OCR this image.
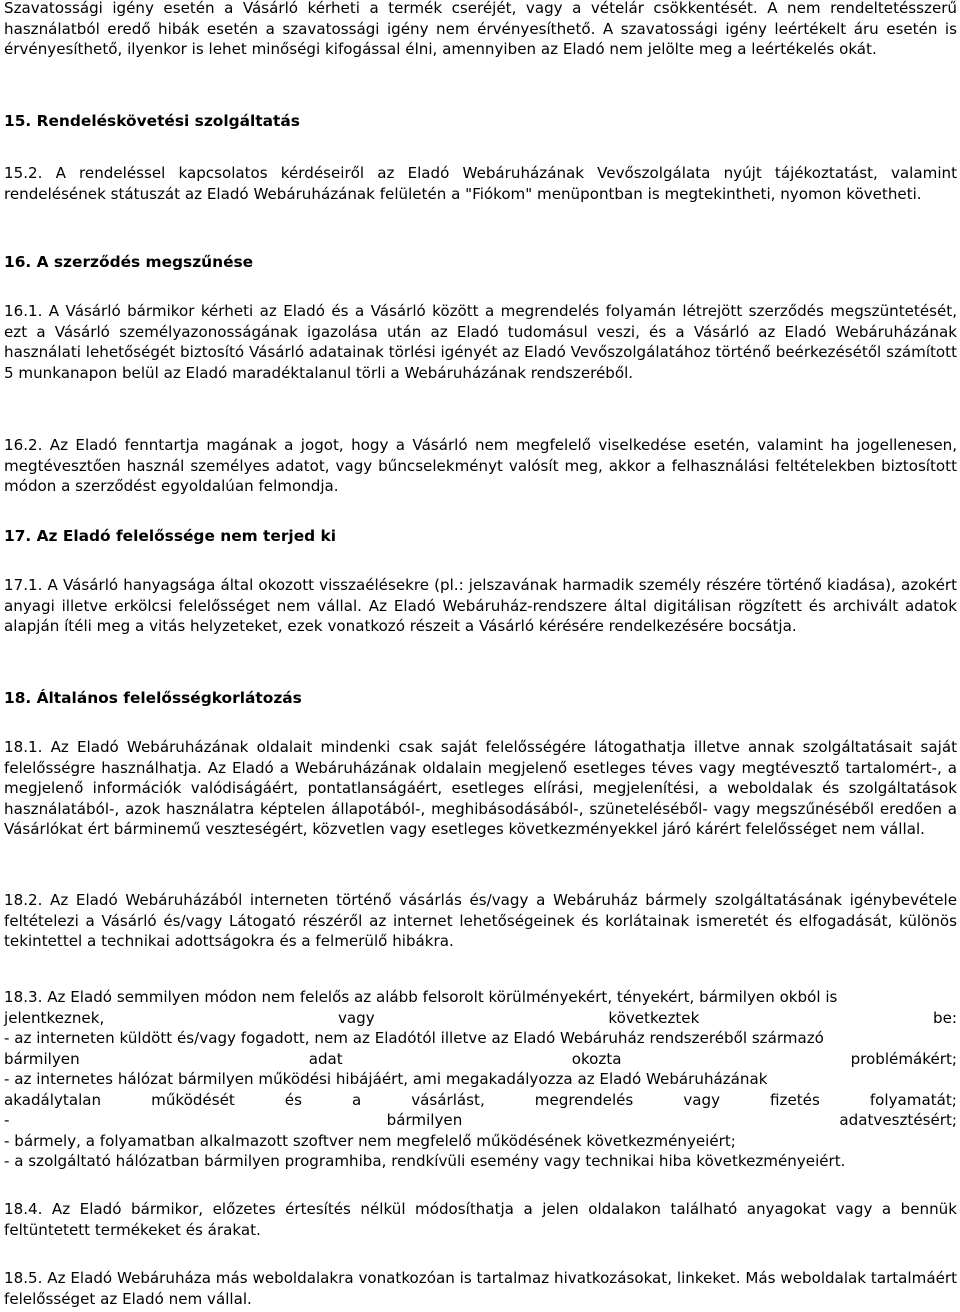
Szavatossági igény esetén a Vásárló kérheti a termék cseréjét, vagy a vételár csökkentését. A nem rendeltetésszerű használatból eredő hibák esetén a szavatossági igény nem érvényesíthető. A szavatossági igény leértékelt áru esetén is érvényesíthető, ilyenkor is lehet minőségi kifogással élni, amennyiben az Eladó nem jelölte meg a leértékelés okát.

15. Rendeléskövetési szolgáltatás

15.2. A rendeléssel kapcsolatos kérdéseiről az Eladó Webáruházának Vevőszolgálata nyújt tájékoztatást, valamint rendelésének státuszát az Eladó Webáruházának felületén a "Fiókom" menüpontban is megtekintheti, nyomon követheti.

16. A szerződés megszűnése

16.1. A Vásárló bármikor kérheti az Eladó és a Vásárló között a megrendelés folyamán létrejött szerződés megszüntetését, ezt a Vásárló személyazonosságának igazolása után az Eladó tudomásul veszi, és a Vásárló az Eladó Webáruházának használati lehetőségét biztosító Vásárló adatainak törlési igényét az Eladó Vevőszolgálatához történő beérkezésétől számított 5 munkanapon belül az Eladó maradéktalanul törli a Webáruházának rendszeréből.

16.2. Az Eladó fenntartja magának a jogot, hogy a Vásárló nem megfelelő viselkedése esetén, valamint ha jogellenesen, megtévesztően használ személyes adatot, vagy bűncselekményt valósít meg, akkor a felhasználási feltételekben biztosított módon a szerződést egyoldalúan felmondja.

17. Az Eladó felelőssége nem terjed ki

17.1. A Vásárló hanyagsága által okozott visszaélésekre (pl.: jelszavának harmadik személy részére történő kiadása), azokért anyagi illetve erkölcsi felelősséget nem vállal. Az Eladó Webáruház-rendszere által digitálisan rögzített és archivált adatok alapján ítéli meg a vitás helyzeteket, ezek vonatkozó részeit a Vásárló kérésére rendelkezésére bocsátja.

18. Általános felelősségkorlátozás

18.1. Az Eladó Webáruházának oldalait mindenki csak saját felelősségére látogathatja illetve annak szolgáltatásait saját felelősségre használhatja. Az Eladó a Webáruházának oldalain megjelenő esetleges téves vagy megtévesztő tartalomért-, a megjelenő információk valódiságáért, pontatlanságáért, esetleges elírási, megjelenítési, a weboldalak és szolgáltatások használatából-, azok használatra képtelen állapotából-, meghibásodásából-, szüneteléséből- vagy megszűnéséből eredően a Vásárlókat ért bárminemű veszteségért, közvetlen vagy esetleges következményekkel járó kárért felelősséget nem vállal.

18.2. Az Eladó Webáruházából interneten történő vásárlás és/vagy a Webáruház bármely szolgáltatásának igénybevétele feltételezi a Vásárló és/vagy Látogató részéről az internet lehetőségeinek és korlátainak ismeretét és elfogadását, különös tekintettel a technikai adottságokra és a felmerülő hibákra.

18.3. Az Eladó semmilyen módon nem felelős az alább felsorolt körülményekért, tényekért, bármilyen okból is
jelentkeznek,	vagy	következtek	be:
- az interneten küldött és/vagy fogadott, nem az Eladótól illetve az Eladó Webáruház rendszeréből származó
bármilyen	adat	okozta	problémákért;
- az internetes hálózat bármilyen működési hibájáért, ami megakadályozza az Eladó Webáruházának
akadálytalan	működését	és	a	vásárlást,	megrendelés	vagy	fizetés	folyamatát;
-	bármilyen	adatvesztésért;
- bármely, a folyamatban alkalmazott szoftver nem megfelelő működésének következményeiért;
- a szolgáltató hálózatban bármilyen programhiba, rendkívüli esemény vagy technikai hiba következményeiért.

18.4. Az Eladó bármikor, előzetes értesítés nélkül módosíthatja a jelen oldalakon található anyagokat vagy a bennük feltüntetett termékeket és árakat.

18.5. Az Eladó Webáruháza más weboldalakra vonatkozóan is tartalmaz hivatkozásokat, linkeket. Más weboldalak tartalmáért felelősséget az Eladó nem vállal.
